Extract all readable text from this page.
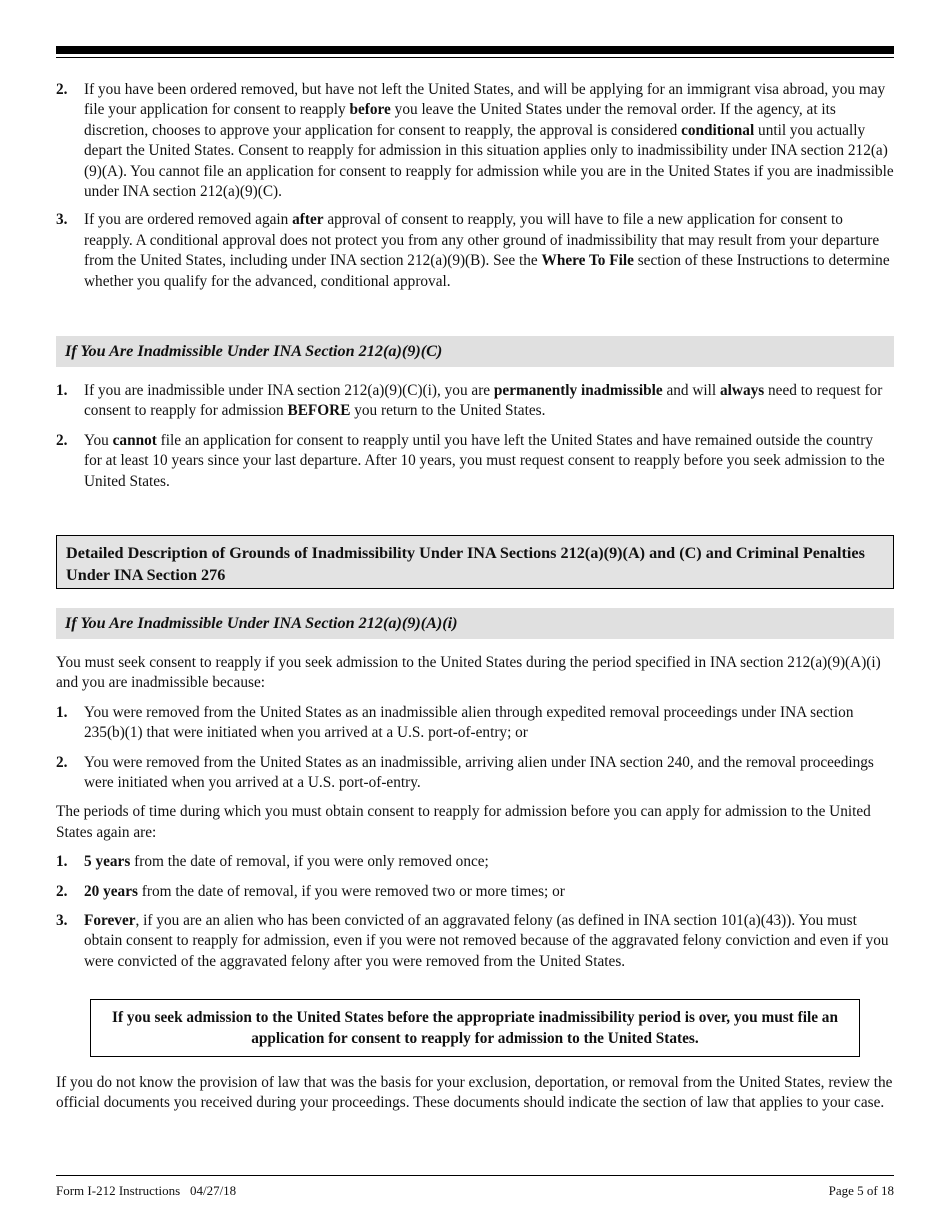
2.	If you have been ordered removed, but have not left the United States, and will be applying for an immigrant visa abroad, you may file your application for consent to reapply before you leave the United States under the removal order. If the agency, at its discretion, chooses to approve your application for consent to reapply, the approval is considered conditional until you actually depart the United States. Consent to reapply for admission in this situation applies only to inadmissibility under INA section 212(a)(9)(A). You cannot file an application for consent to reapply for admission while you are in the United States if you are inadmissible under INA section 212(a)(9)(C).
3.	If you are ordered removed again after approval of consent to reapply, you will have to file a new application for consent to reapply. A conditional approval does not protect you from any other ground of inadmissibility that may result from your departure from the United States, including under INA section 212(a)(9)(B). See the Where To File section of these Instructions to determine whether you qualify for the advanced, conditional approval.
If You Are Inadmissible Under INA Section 212(a)(9)(C)
1.	If you are inadmissible under INA section 212(a)(9)(C)(i), you are permanently inadmissible and will always need to request for consent to reapply for admission BEFORE you return to the United States.
2.	You cannot file an application for consent to reapply until you have left the United States and have remained outside the country for at least 10 years since your last departure. After 10 years, you must request consent to reapply before you seek admission to the United States.
Detailed Description of Grounds of Inadmissibility Under INA Sections 212(a)(9)(A) and (C) and Criminal Penalties Under INA Section 276
If You Are Inadmissible Under INA Section 212(a)(9)(A)(i)
You must seek consent to reapply if you seek admission to the United States during the period specified in INA section 212(a)(9)(A)(i) and you are inadmissible because:
1.	You were removed from the United States as an inadmissible alien through expedited removal proceedings under INA section 235(b)(1) that were initiated when you arrived at a U.S. port-of-entry; or
2.	You were removed from the United States as an inadmissible, arriving alien under INA section 240, and the removal proceedings were initiated when you arrived at a U.S. port-of-entry.
The periods of time during which you must obtain consent to reapply for admission before you can apply for admission to the United States again are:
1.	5 years from the date of removal, if you were only removed once;
2.	20 years from the date of removal, if you were removed two or more times; or
3.	Forever, if you are an alien who has been convicted of an aggravated felony (as defined in INA section 101(a)(43)). You must obtain consent to reapply for admission, even if you were not removed because of the aggravated felony conviction and even if you were convicted of the aggravated felony after you were removed from the United States.
If you seek admission to the United States before the appropriate inadmissibility period is over, you must file an application for consent to reapply for admission to the United States.
If you do not know the provision of law that was the basis for your exclusion, deportation, or removal from the United States, review the official documents you received during your proceedings. These documents should indicate the section of law that applies to your case.
Form I-212 Instructions   04/27/18	Page 5 of 18
